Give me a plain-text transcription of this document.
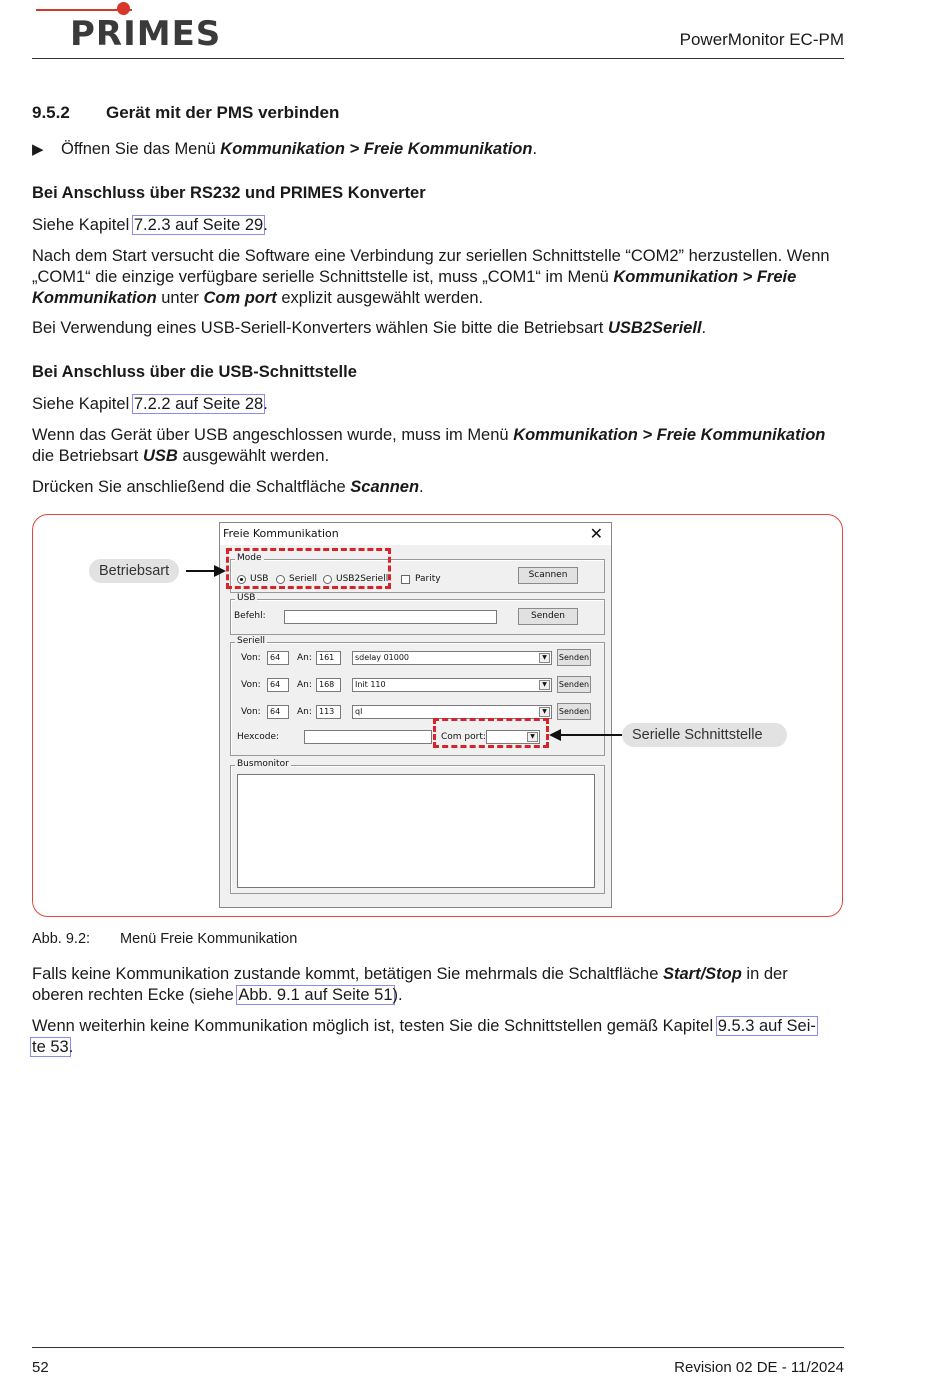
PRIMES	PowerMonitor EC-PM
9.5.2 Gerät mit der PMS verbinden
▶ Öffnen Sie das Menü Kommunikation > Freie Kommunikation.
Bei Anschluss über RS232 und PRIMES Konverter
Siehe Kapitel 7.2.3 auf Seite 29.
Nach dem Start versucht die Software eine Verbindung zur seriellen Schnittstelle “COM2” herzustellen. Wenn „COM1“ die einzige verfügbare serielle Schnittstelle ist, muss „COM1“ im Menü Kommunikation > Freie Kommunikation unter Com port explizit ausgewählt werden.
Bei Verwendung eines USB-Seriell-Konverters wählen Sie bitte die Betriebsart USB2Seriell.
Bei Anschluss über die USB-Schnittstelle
Siehe Kapitel 7.2.2 auf Seite 28.
Wenn das Gerät über USB angeschlossen wurde, muss im Menü Kommunikation > Freie Kommunikation die Betriebsart USB ausgewählt werden.
Drücken Sie anschließend die Schaltfläche Scannen.
Freie Kommunikation	✕
Mode
USB Seriell USB2Seriell	Parity	Scannen
USB
Befehl:	Senden
Seriell
Von:	64	An: 161	sdelay 01000	▼	Senden
Von:	64	An: 168	Init 110	▼	Senden
Von:	64	An: 113	ql	▼	Senden
Hexcode:	Com port:	▼
Busmonitor
Betriebsart
Serielle Schnittstelle
Abb. 9.2: Menü Freie Kommunikation
Falls keine Kommunikation zustande kommt, betätigen Sie mehrmals die Schaltfläche Start/Stop in der oberen rechten Ecke (siehe Abb. 9.1 auf Seite 51).
Wenn weiterhin keine Kommunikation möglich ist, testen Sie die Schnittstellen gemäß Kapitel 9.5.3 auf Sei-
te 53.
52	Revision 02 DE - 11/2024
